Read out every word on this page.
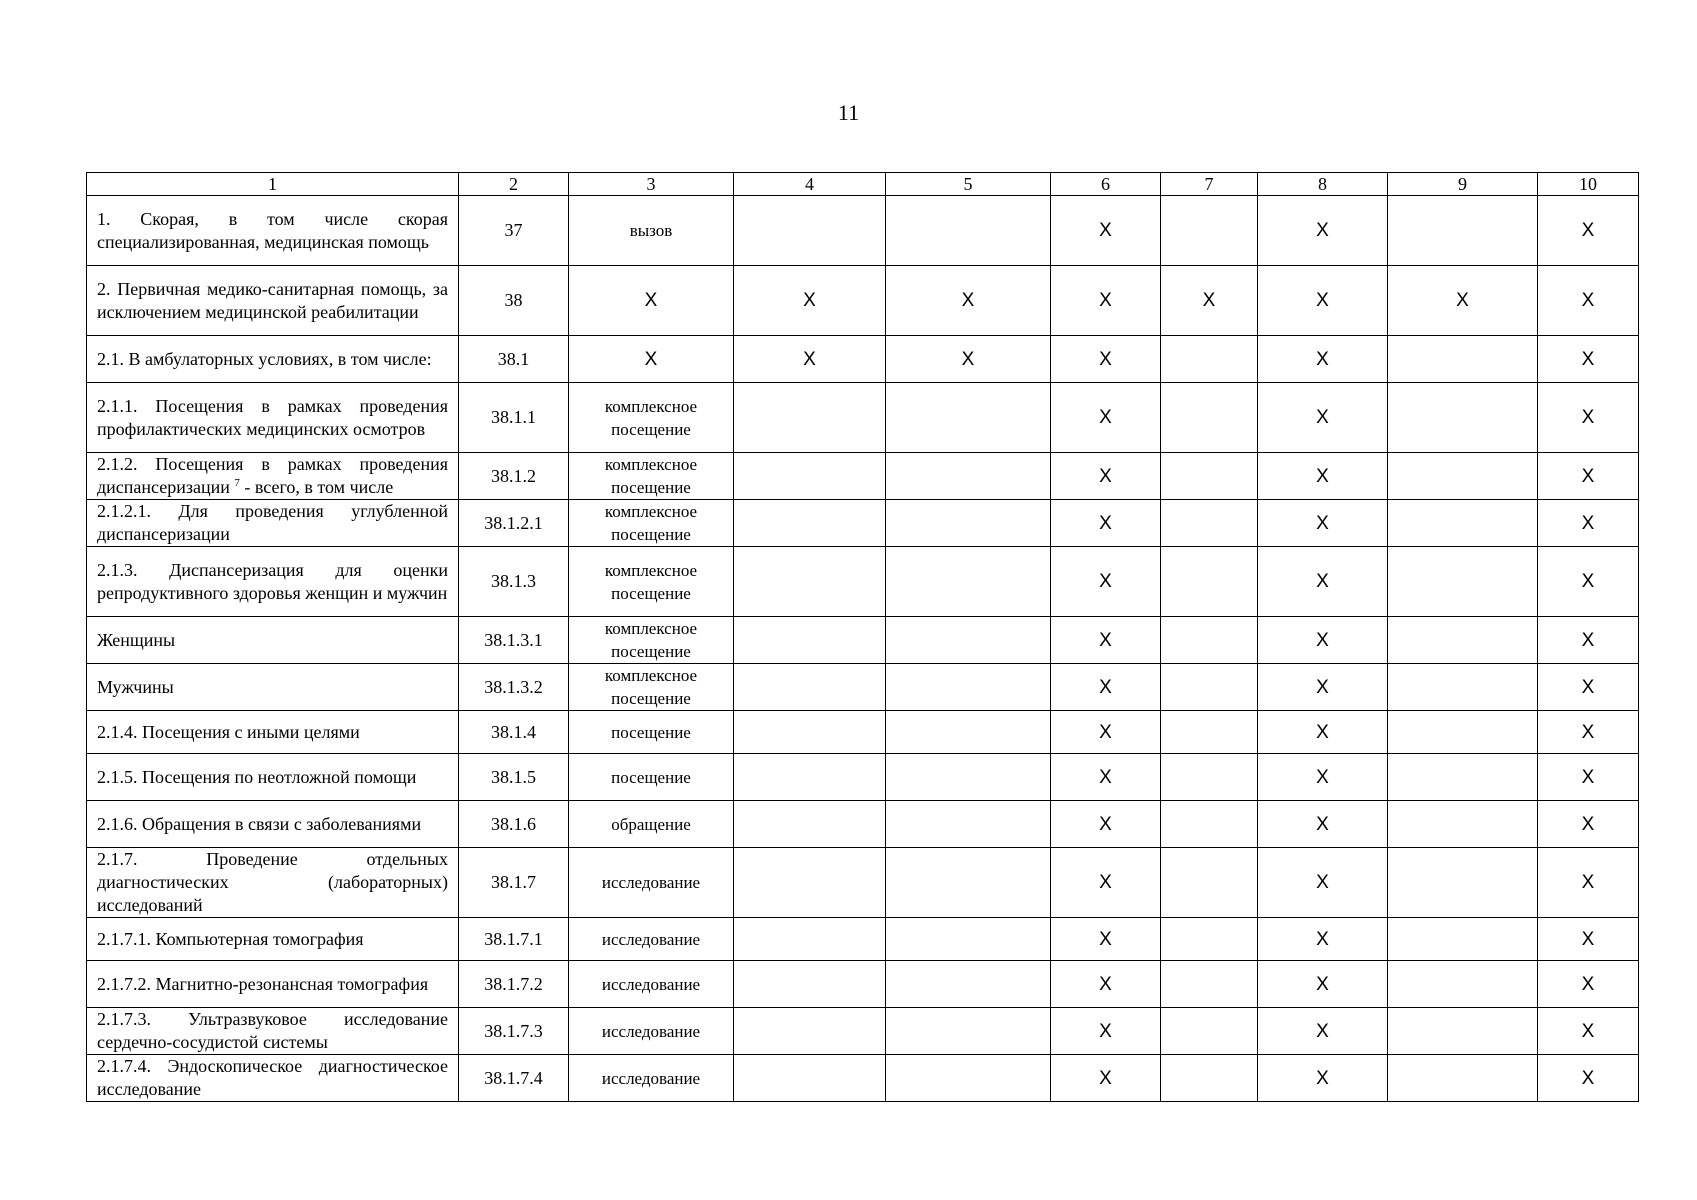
11
1	2	3	4	5	6	7	8	9	10
1. Скорая, в том числе скорая специализированная, медицинская помощь	37	вызов			Х		Х		Х
2. Первичная медико-санитарная помощь, за исключением медицинской реабилитации	38	Х	Х	Х	Х	Х	Х	Х	Х
2.1. В амбулаторных условиях, в том числе:	38.1	Х	Х	Х	Х		Х		Х
2.1.1. Посещения в рамках проведения профилактических медицинских осмотров	38.1.1	комплексное посещение			Х		Х		Х
2.1.2. Посещения в рамках проведения диспансеризации $^7$ - всего, в том числе	38.1.2	комплексное посещение			Х		Х		Х
2.1.2.1. Для проведения углубленной диспансеризации	38.1.2.1	комплексное посещение			Х		Х		Х
2.1.3. Диспансеризация для оценки репродуктивного здоровья женщин и мужчин	38.1.3	комплексное посещение			Х		Х		Х
Женщины	38.1.3.1	комплексное посещение			Х		Х		Х
Мужчины	38.1.3.2	комплексное посещение			Х		Х		Х
2.1.4. Посещения с иными целями	38.1.4	посещение			Х		Х		Х
2.1.5. Посещения по неотложной помощи	38.1.5	посещение			Х		Х		Х
2.1.6. Обращения в связи с заболеваниями	38.1.6	обращение			Х		Х		Х
2.1.7. Проведение отдельных диагностических (лабораторных) исследований	38.1.7	исследование			Х		Х		Х
2.1.7.1. Компьютерная томография	38.1.7.1	исследование			Х		Х		Х
2.1.7.2. Магнитно-резонансная томография	38.1.7.2	исследование			Х		Х		Х
2.1.7.3. Ультразвуковое исследование сердечно-сосудистой системы	38.1.7.3	исследование			Х		Х		Х
2.1.7.4. Эндоскопическое диагностическое исследование	38.1.7.4	исследование			Х		Х		Х
